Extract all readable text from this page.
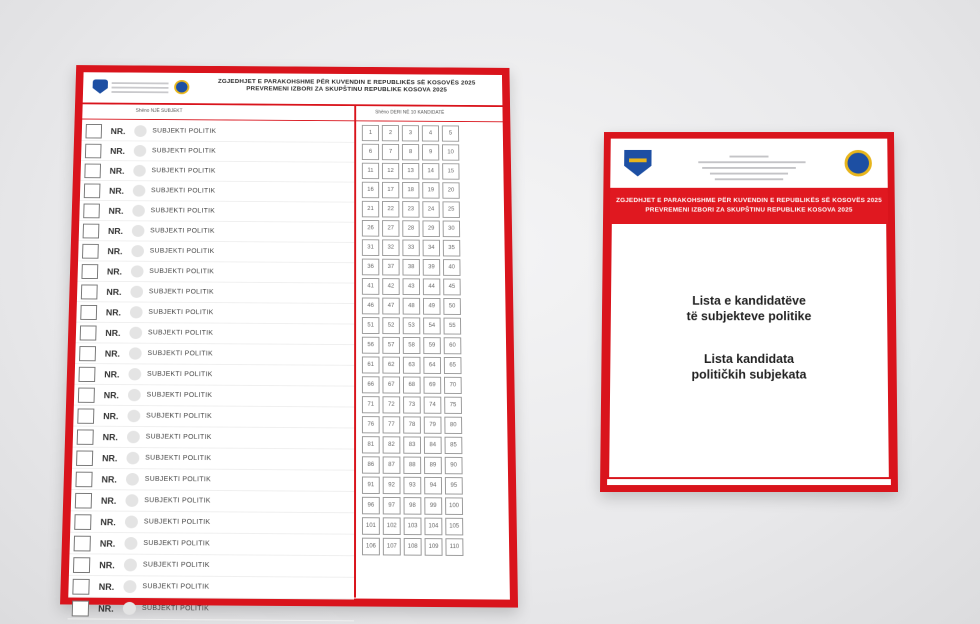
ZGJEDHJET E PARAKOHSHME PËR KUVENDIN E REPUBLIKËS SË KOSOVËS 2025
PREVREMENI IZBORI ZA SKUPŠTINU REPUBLIKE KOSOVA 2025
Shëno NJË SUBJEKT	Shëno DERI NË 10 KANDIDATË
NR.	SUBJEKTI POLITIK
NR.	SUBJEKTI POLITIK
NR.	SUBJEKTI POLITIK
NR.	SUBJEKTI POLITIK
NR.	SUBJEKTI POLITIK
NR.	SUBJEKTI POLITIK
NR.	SUBJEKTI POLITIK
NR.	SUBJEKTI POLITIK
NR.	SUBJEKTI POLITIK
NR.	SUBJEKTI POLITIK
NR.	SUBJEKTI POLITIK
NR.	SUBJEKTI POLITIK
NR.	SUBJEKTI POLITIK
NR.	SUBJEKTI POLITIK
NR.	SUBJEKTI POLITIK
NR.	SUBJEKTI POLITIK
NR.	SUBJEKTI POLITIK
NR.	SUBJEKTI POLITIK
NR.	SUBJEKTI POLITIK
NR.	SUBJEKTI POLITIK
NR.	SUBJEKTI POLITIK
NR.	SUBJEKTI POLITIK
NR.	SUBJEKTI POLITIK
NR.	SUBJEKTI POLITIK
1	2	3	4	5
6	7	8	9	10
11	12	13	14	15
16	17	18	19	20
21	22	23	24	25
26	27	28	29	30
31	32	33	34	35
36	37	38	39	40
41	42	43	44	45
46	47	48	49	50
51	52	53	54	55
56	57	58	59	60
61	62	63	64	65
66	67	68	69	70
71	72	73	74	75
76	77	78	79	80
81	82	83	84	85
86	87	88	89	90
91	92	93	94	95
96	97	98	99	100
101	102	103	104	105
106	107	108	109	110
ZGJEDHJET E PARAKOHSHME PËR KUVENDIN E REPUBLIKËS SË KOSOVËS 2025
PREVREMENI IZBORI ZA SKUPŠTINU REPUBLIKE KOSOVA 2025
Lista e kandidatëve
të subjekteve politike
Lista kandidata
političkih subjekata
